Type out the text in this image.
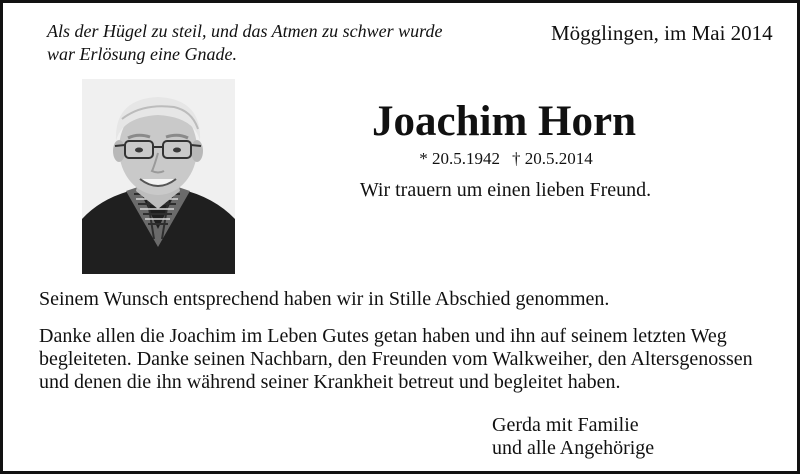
Als der Hügel zu steil, und das Atmen zu schwer wurde
war Erlösung eine Gnade.
Mögglingen, im Mai 2014
Joachim Horn
* 20.5.1942 † 20.5.2014
Wir trauern um einen lieben Freund.
Seinem Wunsch entsprechend haben wir in Stille Abschied genommen.
Danke allen die Joachim im Leben Gutes getan haben und ihn auf seinem letzten Weg
begleiteten. Danke seinen Nachbarn, den Freunden vom Walkweiher, den Altersgenossen
und denen die ihn während seiner Krankheit betreut und begleitet haben.
Gerda mit Familie
und alle Angehörige
